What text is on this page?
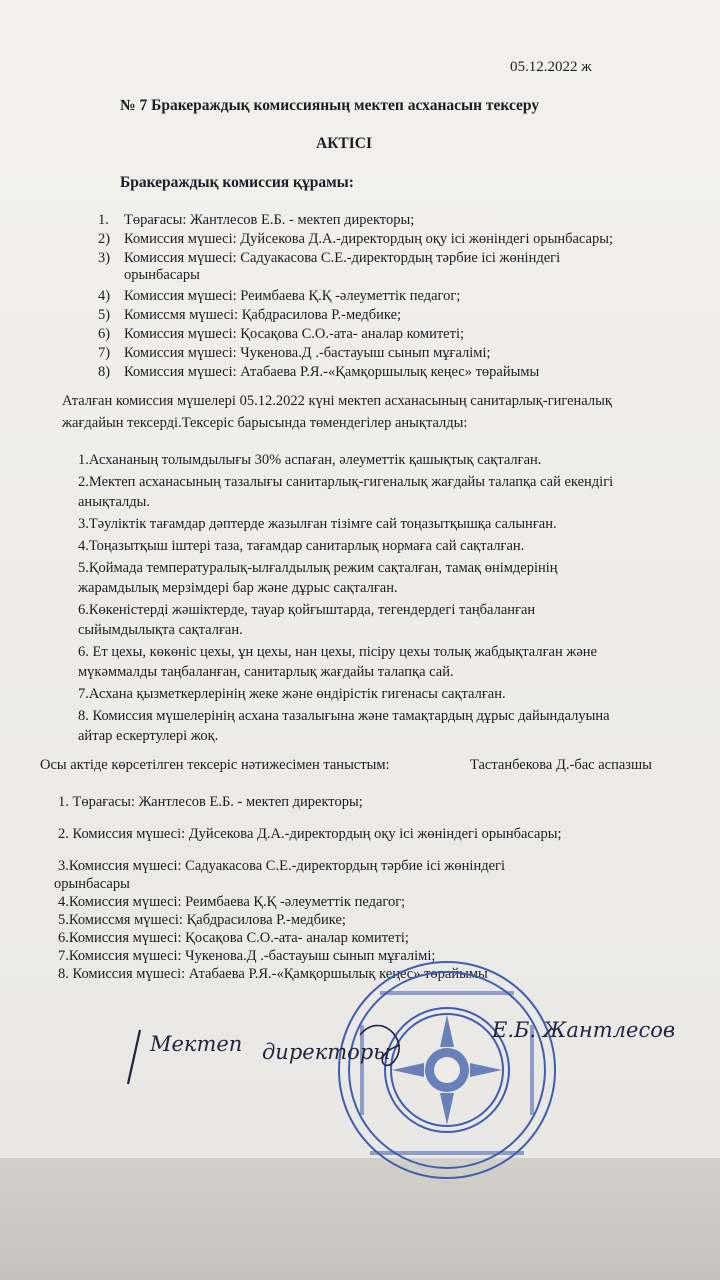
05.12.2022 ж
№ 7 Бракераждық комиссияның мектеп асханасын тексеру
АКТІСІ
Бракераждық комиссия құрамы:
1. Төрағасы: Жантлесов Е.Б. - мектеп директоры;
2) Комиссия мүшесі: Дуйсекова Д.А.-директордың оқу ісі жөніндегі орынбасары;
3) Комиссия мүшесі: Садуакасова С.Е.-директордың тәрбие ісі жөніндегі
орынбасары
4) Комиссия мүшесі: Реимбаева Қ.Қ -әлеуметтік педагог;
5) Комиссмя мүшесі: Қабдрасилова Р.-медбике;
6) Комиссия мүшесі: Қосақова С.О.-ата- аналар комитеті;
7) Комиссия мүшесі: Чукенова.Д .-бастауыш сынып мұғалімі;
8) Комиссия мүшесі: Атабаева Р.Я.-«Қамқоршылық кеңес» төрайымы
Аталған комиссия мүшелері 05.12.2022 күні мектеп асханасының санитарлық-гигеналық
жағдайын тексерді.Тексеріс барысында төмендегілер анықталды:
1.Асхананың толымдылығы 30% аспаған, әлеуметтік қашықтық сақталған.
2.Мектеп асханасының тазалығы санитарлық-гигеналық жағдайы талапқа сай екендігі
анықталды.
3.Тәуліктік тағамдар дәптерде жазылған тізімге сай тоңазытқышқа салынған.
4.Тоңазытқыш іштері таза, тағамдар санитарлық нормаға сай сақталған.
5.Қоймада температуралық-ылғалдылық режим сақталған, тамақ өнімдерінің
жарамдылық мерзімдері бар және дұрыс сақталған.
6.Көкеністерді жәшіктерде, тауар қойғыштарда, тегендердегі таңбаланған
сыйымдылықта сақталған.
6. Ет цехы, көкөніс цехы, ұн цехы, нан цехы, пісіру цехы толық жабдықталған және
мүкәммалды таңбаланған, санитарлық жағдайы талапқа сай.
7.Асхана қызметкерлерінің жеке және өндірістік гигенасы сақталған.
8. Комиссия мүшелерінің асхана тазалығына және тамақтардың дұрыс дайындалуына
айтар ескертулері жоқ.
Осы актіде көрсетілген тексеріс нәтижесімен таныстым:	Тастанбекова Д.-бас аспазшы
1. Төрағасы: Жантлесов Е.Б. - мектеп директоры;
2. Комиссия мүшесі: Дуйсекова Д.А.-директордың оқу ісі жөніндегі орынбасары;
3.Комиссия мүшесі: Садуакасова С.Е.-директордың тәрбие ісі жөніндегі
орынбасары
4.Комиссия мүшесі: Реимбаева Қ.Қ -әлеуметтік педагог;
5.Комиссмя мүшесі: Қабдрасилова Р.-медбике;
6.Комиссия мүшесі: Қосақова С.О.-ата- аналар комитеті;
7.Комиссия мүшесі: Чукенова.Д .-бастауыш сынып мұғалімі;
8. Комиссия мүшесі: Атабаева Р.Я.-«Қамқоршылық кеңес» төрайымы
Мектеп директоры
Е.Б. Жантлесов
